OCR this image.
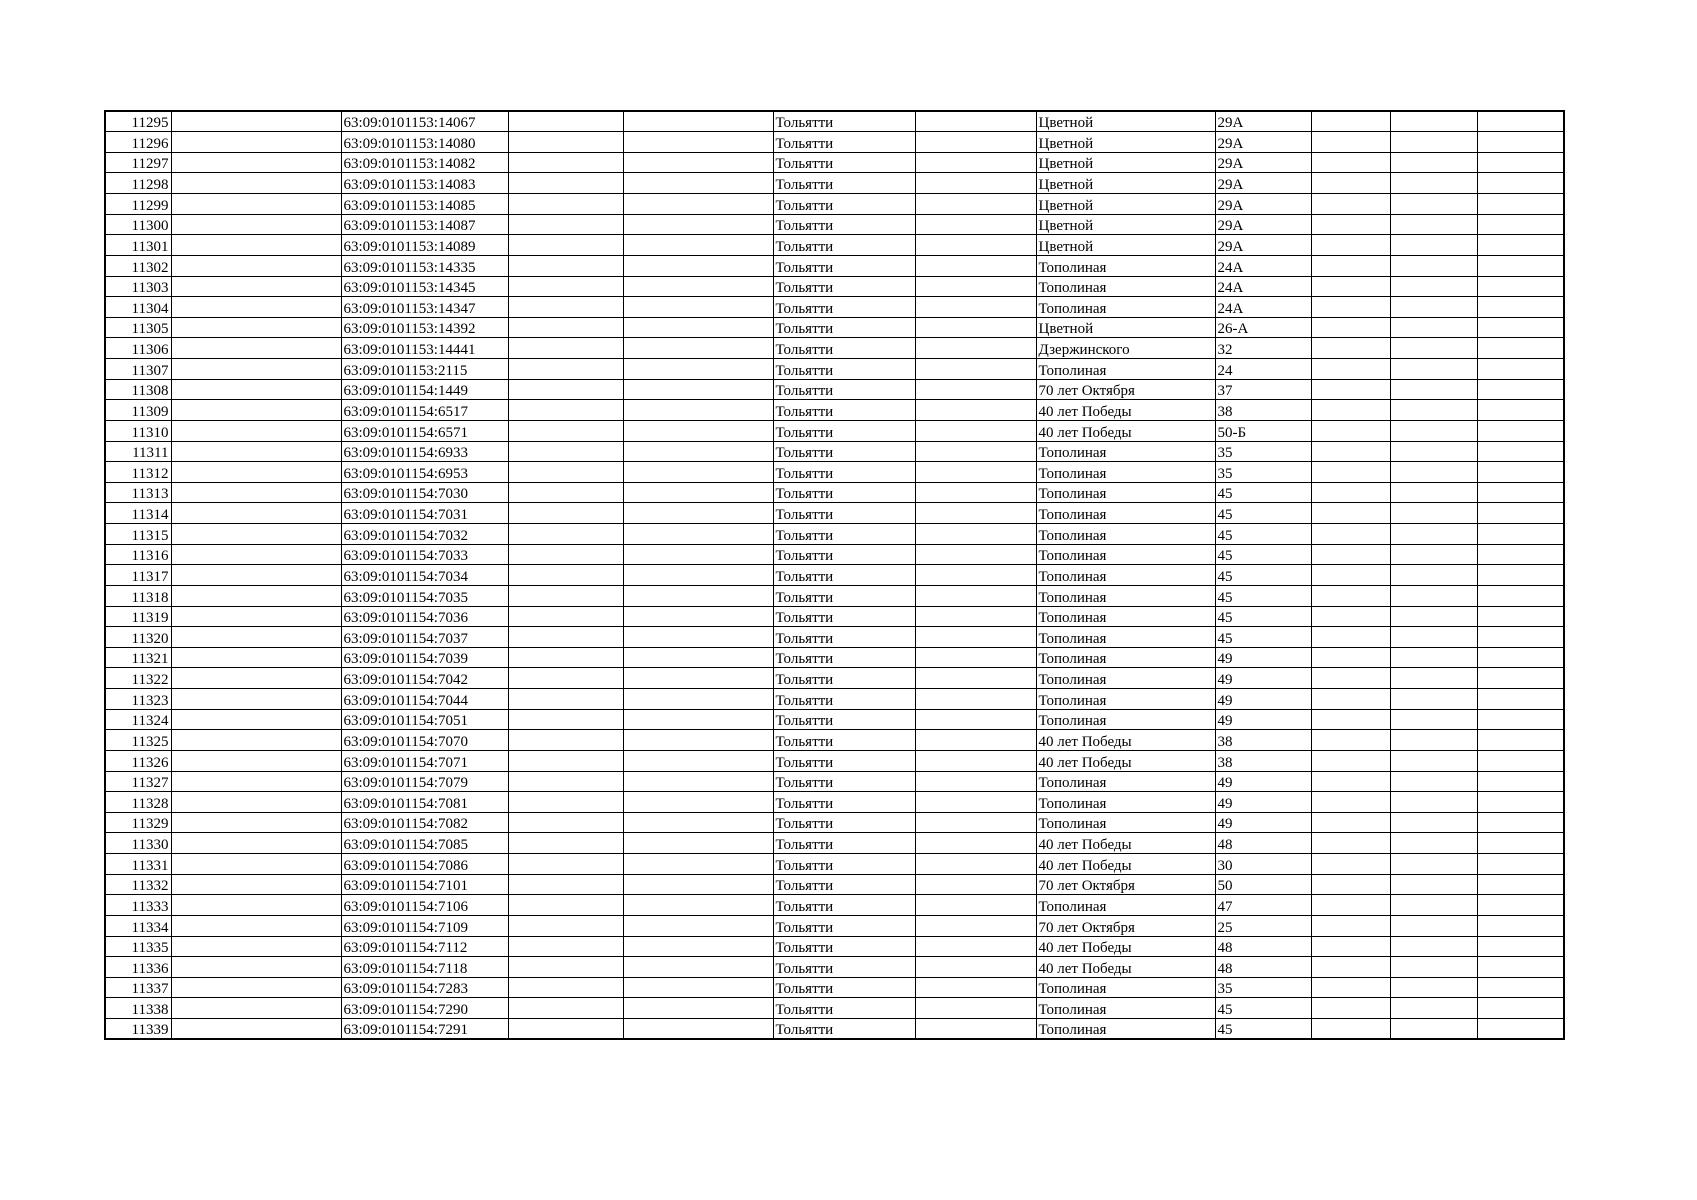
11295		63:09:0101153:14067			Тольятти		Цветной	29А			
11296		63:09:0101153:14080			Тольятти		Цветной	29А			
11297		63:09:0101153:14082			Тольятти		Цветной	29А			
11298		63:09:0101153:14083			Тольятти		Цветной	29А			
11299		63:09:0101153:14085			Тольятти		Цветной	29А			
11300		63:09:0101153:14087			Тольятти		Цветной	29А			
11301		63:09:0101153:14089			Тольятти		Цветной	29А			
11302		63:09:0101153:14335			Тольятти		Тополиная	24А			
11303		63:09:0101153:14345			Тольятти		Тополиная	24А			
11304		63:09:0101153:14347			Тольятти		Тополиная	24А			
11305		63:09:0101153:14392			Тольятти		Цветной	26-А			
11306		63:09:0101153:14441			Тольятти		Дзержинского	32			
11307		63:09:0101153:2115			Тольятти		Тополиная	24			
11308		63:09:0101154:1449			Тольятти		70 лет Октября	37			
11309		63:09:0101154:6517			Тольятти		40 лет Победы	38			
11310		63:09:0101154:6571			Тольятти		40 лет Победы	50-Б			
11311		63:09:0101154:6933			Тольятти		Тополиная	35			
11312		63:09:0101154:6953			Тольятти		Тополиная	35			
11313		63:09:0101154:7030			Тольятти		Тополиная	45			
11314		63:09:0101154:7031			Тольятти		Тополиная	45			
11315		63:09:0101154:7032			Тольятти		Тополиная	45			
11316		63:09:0101154:7033			Тольятти		Тополиная	45			
11317		63:09:0101154:7034			Тольятти		Тополиная	45			
11318		63:09:0101154:7035			Тольятти		Тополиная	45			
11319		63:09:0101154:7036			Тольятти		Тополиная	45			
11320		63:09:0101154:7037			Тольятти		Тополиная	45			
11321		63:09:0101154:7039			Тольятти		Тополиная	49			
11322		63:09:0101154:7042			Тольятти		Тополиная	49			
11323		63:09:0101154:7044			Тольятти		Тополиная	49			
11324		63:09:0101154:7051			Тольятти		Тополиная	49			
11325		63:09:0101154:7070			Тольятти		40 лет Победы	38			
11326		63:09:0101154:7071			Тольятти		40 лет Победы	38			
11327		63:09:0101154:7079			Тольятти		Тополиная	49			
11328		63:09:0101154:7081			Тольятти		Тополиная	49			
11329		63:09:0101154:7082			Тольятти		Тополиная	49			
11330		63:09:0101154:7085			Тольятти		40 лет Победы	48			
11331		63:09:0101154:7086			Тольятти		40 лет Победы	30			
11332		63:09:0101154:7101			Тольятти		70 лет Октября	50			
11333		63:09:0101154:7106			Тольятти		Тополиная	47			
11334		63:09:0101154:7109			Тольятти		70 лет Октября	25			
11335		63:09:0101154:7112			Тольятти		40 лет Победы	48			
11336		63:09:0101154:7118			Тольятти		40 лет Победы	48			
11337		63:09:0101154:7283			Тольятти		Тополиная	35			
11338		63:09:0101154:7290			Тольятти		Тополиная	45			
11339		63:09:0101154:7291			Тольятти		Тополиная	45			
